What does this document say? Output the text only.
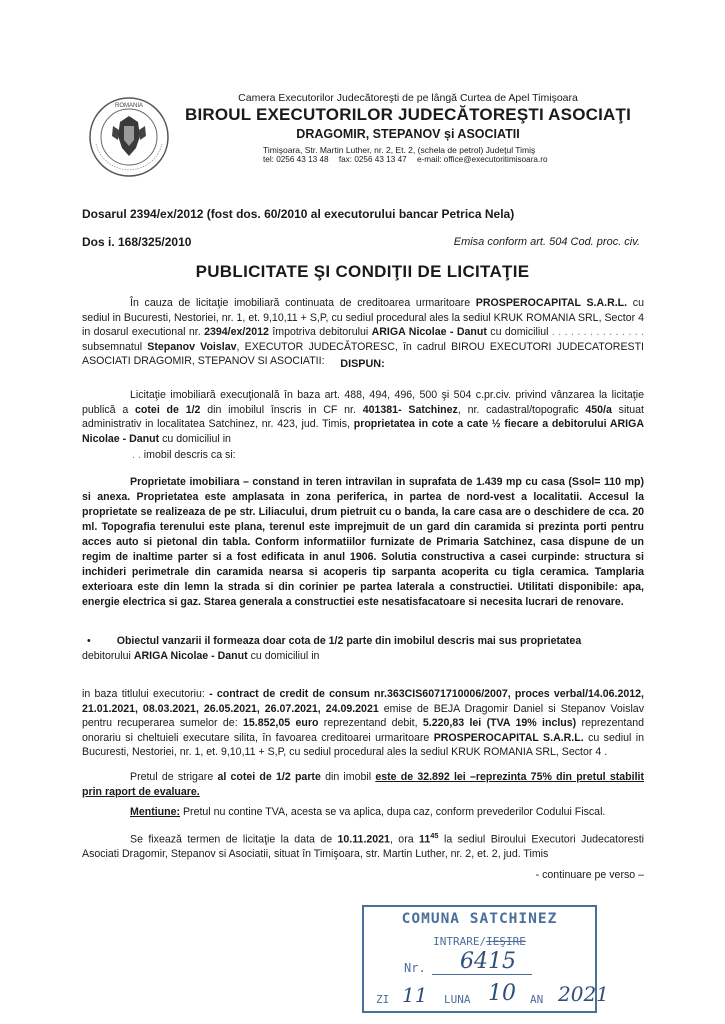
ROMANIA
Camera Executorilor Judecătoreşti de pe lângă Curtea de Apel Timişoara
BIROUL EXECUTORILOR JUDECĂTOREŞTI ASOCIAŢI
DRAGOMIR, STEPANOV și ASOCIATII
Timişoara, Str. Martin Luther, nr. 2, Et. 2, (schela de petrol) Judeţul Timiş
tel: 0256 43 13 48 fax: 0256 43 13 47 e-mail: office@executoritimisoara.ro
Dosarul 2394/ex/2012 (fost dos. 60/2010 al executorului bancar Petrica Nela)
Dos i. 168/325/2010	Emisa conform art. 504 Cod. proc. civ.
PUBLICITATE ŞI CONDIŢII DE LICITAŢIE
În cauza de licitaţie imobiliară continuata de creditoarea urmaritoare PROSPEROCAPITAL S.A.R.L. cu sediul in Bucuresti, Nestoriei, nr. 1, et. 9,10,11 + S,P, cu sediul procedural ales la sediul KRUK ROMANIA SRL, Sector 4 in dosarul executional nr. 2394/ex/2012 împotriva debitorului ARIGA Nicolae - Danut cu domiciliul . . . . . . . . . . . . . . . subsemnatul Stepanov Voislav, EXECUTOR JUDECĂTORESC, în cadrul BIROU EXECUTORI JUDECATORESTI ASOCIATI DRAGOMIR, STEPANOV SI ASOCIATII:	DISPUN:
Licitaţie imobiliară execuţională în baza art. 488, 494, 496, 500 şi 504 c.pr.civ. privind vânzarea la licitaţie publică a cotei de 1/2 din imobilul înscris in CF nr. 401381- Satchinez, nr. cadastral/topografic 450/a situat administrativ in localitatea Satchinez, nr. 423, jud. Timis, proprietatea in cote a cate ½ fiecare a debitorului ARIGA Nicolae - Danut cu domiciliul in
. . imobil descris ca si:
Proprietate imobiliara – constand in teren intravilan in suprafata de 1.439 mp cu casa (Ssol= 110 mp) si anexa. Proprietatea este amplasata in zona periferica, in partea de nord-vest a localitatii. Accesul la proprietate se realizeaza de pe str. Liliacului, drum pietruit cu o banda, la care casa are o deschidere de cca. 20 ml. Topografia terenului este plana, terenul este imprejmuit de un gard din caramida si prezinta porti pentru acces auto si pietonal din tabla. Conform informatiilor furnizate de Primaria Satchinez, casa dispune de un regim de inaltime parter si a fost edificata in anul 1906. Solutia constructiva a casei curpinde: structura si inchideri perimetrale din caramida nearsa si acoperis tip sarpanta acoperita cu tigla ceramica. Tamplaria exterioara este din lemn la strada si din corinier pe partea laterala a constructiei. Utilitati disponibile: apa, energie electrica si gaz. Starea generala a constructiei este nesatisfacatoare si necesita lucrari de renovare.
• Obiectul vanzarii il formeaza doar cota de 1/2 parte din imobilul descris mai sus proprietatea
debitorului ARIGA Nicolae - Danut cu domiciliul in
in baza titlului executoriu: - contract de credit de consum nr.363CIS6071710006/2007, proces verbal/14.06.2012, 21.01.2021, 08.03.2021, 26.05.2021, 26.07.2021, 24.09.2021 emise de BEJA Dragomir Daniel si Stepanov Voislav pentru recuperarea sumelor de: 15.852,05 euro reprezentand debit, 5.220,83 lei (TVA 19% inclus) reprezentand onorariu si cheltuieli executare silita, în favoarea creditoarei urmaritoare PROSPEROCAPITAL S.A.R.L. cu sediul in Bucuresti, Nestoriei, nr. 1, et. 9,10,11 + S,P, cu sediul procedural ales la sediul KRUK ROMANIA SRL, Sector 4 .
Pretul de strigare al cotei de 1/2 parte din imobil este de 32.892 lei –reprezinta 75% din pretul stabilit prin raport de evaluare.
Mentiune: Pretul nu contine TVA, acesta se va aplica, dupa caz, conform prevederilor Codului Fiscal.
Se fixează termen de licitaţie la data de 10.11.2021, ora $11^{45}$ la sediul Biroului Executori Judecatoresti Asociati Dragomir, Stepanov si Asociatii, situat în Timişoara, str. Martin Luther, nr. 2, et. 2, jud. Timis
- continuare pe verso –
COMUNA SATCHINEZ
INTRARE/IEŞIRE
Nr. 6415
ZI 11 LUNA 10 AN 2021
